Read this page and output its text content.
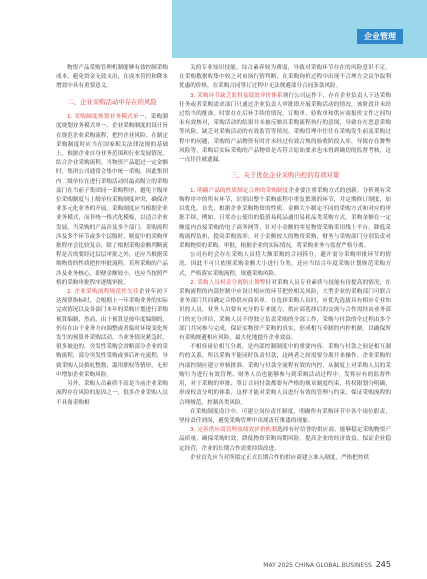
企业管理

物资产品采购管理机制能够有效控制采购成本，避免资金无效支出，在成本管控和降本增效中具有重要意义。

二、企业采购活动中存在的风险

1. 采购制度规划业务模式单一、采购制度规划业务模式单一、企业采购制度的设计旨在规范企业采购流程，把控企业风险。在制定采购制度时应当在国家相关法律法规的基础上，根据企业自身业务范围和行业发展情况，结合企业采购流程、当物资产品超过一定金额时，集团公司通常会集中统一采购，因此集团内二级单位在进行采购活动时最高级立的采购部门在当前子集团同一采购程序，避免下级单位采购制度与上级单位采购制度冲突，确保企业多元化业务的开展。采购制度应当根据企业业务模式，而非统一格式化模板，以适合企业发展。当采购的产品涉及多个部门，采购流程涉及多个环节或多个层级时，制度中的采购审批程序会比较复杂，除了根据采购金额判断流程是否需要经过层层审批之外，还应当根据采购物资的性质把控审批流程。若所采购的产品涉及业务核心，即便金额较小，也应当按照严格的采购审批程序逐级审批。

2. 企业采购流程规范性欠佳企业年初下达预算指标时，会根据上一年采购业务的实际完成情况以及各部门本年的采购计划进行采购预算编制，然而，由于预算是按年度编制的，仍存在由于业务方向调整或者临时环境变化所发生的预算外采购活动。当业务情况紧急时，很多被迫的、突发性采购会省略部分企业的采购流程，部分突发性采购或事后补充流程，导致采购人员倘轧整数，滥用职权等情形，无形中增加企业采购风险。

另外，采购人员素质不高是当前企业采购流程存在风险的原因之一，很多企业采购人员不具备采购相

关的专业知识技能，综合素养较为薄弱，导致对采购环节存在的风险意识不足，在采购数据收集中较之对市场行情判断，在采购询价过程中出现不合理方会议争取利优惠的价格，在采购合同签订过程中无法规避部分合同条款风险。

3. 采购环节缺乏监督及绩效评价体系现行公司运作下，存在企业负责人下达采购任务或者采购需求部门只通过企业负责人审批即开展采购活动的情况，该阶段并未经过恰当的批准，时常存在后补手续的情况，订购单、验收单和供应商报价文件之间均未有效核对，采购活动的结果并未被反映出采购流程执行的意图，导致存在恶意采购等风险，缺乏对采购活动的有效监管等情况。采购管理中往往在采购发生前及采购过程中的问题，采购的产品物资有时并未经过有效合规的验收阶段入库，导致存在舞弊风险等，采购后实际采购的产品物资是否符合原始要求也未得到确切的监督考核，这一点往往被遗漏。

三、关于优化企业采购内控的有效对策

1. 明确产品的性质制定合理的采购制度企业要注重采购方式的创新，分析现有采购程序中的所有环节，识别出整个采购流程中重复繁琐的环节，并定期修订制度，加以优化。首先，根据企业采购物资的性质，金额大小制定不同的采购方式和对应的审批手续，例如，日常办公使用的低值易耗品通用易耗品类采购方式，采购金额在一定额度内直接采购的电子商务网等，针对小金额的零星物资采购采用线上平台，降低采购流程负担，提高采购效率；对于金额较大的物资采购，财务与采购部门分别负责对采购物资的采购、审批，根据企业的实际情况，将采购业务与监督严格分离。

公司有时会存在采购人员将大额采购的合同拆分，避开需分采购审批环节的情况，因此不可只依照采购金额大小进行分类，还应当结合年度采购计划规范采购方式，严格落实采购流程，规避采购风险。

2. 采购人员权责分离防止舞弊针对采购人员专业素质与技能有待提高的情况，在采购流程的内部控制中应设计相应的环节把控相关风险，大型企业的采购部门可联合业务部门共同确定合格供应商名单。在选择采购人员时，应优先选拔具有相应专业知识的人员，业务人员要有充分的专业能力，供应商选择后的交流与合作需经由业务部门的充分评估，采购人员不得独立负责采购的全部工作，采购与付款的全过程由多个部门共同参与完成，保证实物资产采购的真实，形成相互牵制的内控机制。以确保所有采购规避相应风险，最大化地提升企业效益。

不相容岗位相互分离，是内部控制制度中的重要内容。采购与付款之间是相互制约的关系，所以采购不能同时负责付款，这两者之间需要分离开来操作。企业采购的内部控制应建立审核批准、采购与付款全流程有效的内控，从制度上对采购人员的采购行为进行有效管理、财务人员也能够参与到采购活动过程中，发挥应有的监督作用，对于采购的审批、签订合同付款都要有严格的规章制度约束，将权限划分明确，形成权责分明的体系，这样才能对采购人员进行有效的管理与约束，保证采购流程的合理规范，控制各类风险。

在采购制度设计中，可建立岗位责任制度，明确所有采购环节中各个岗位职责，坚持责任到岗，避免采购管理中出现责任推诿的现象。

3. 完善供应商管理及绩效评价机制选择有好信誉的供应商，能够稳定采购物资产品质量，确保采购时效，降低物资采购周期风险，提高企业的经济效益，保证企业稳定经营，企业的长期合作需要持续改进。

企业首先应当对所拟定正式长期合作的供应商建立准入制度，严格把控供

MAY 2025 CHINA GLOBAL BUSINESS 245
